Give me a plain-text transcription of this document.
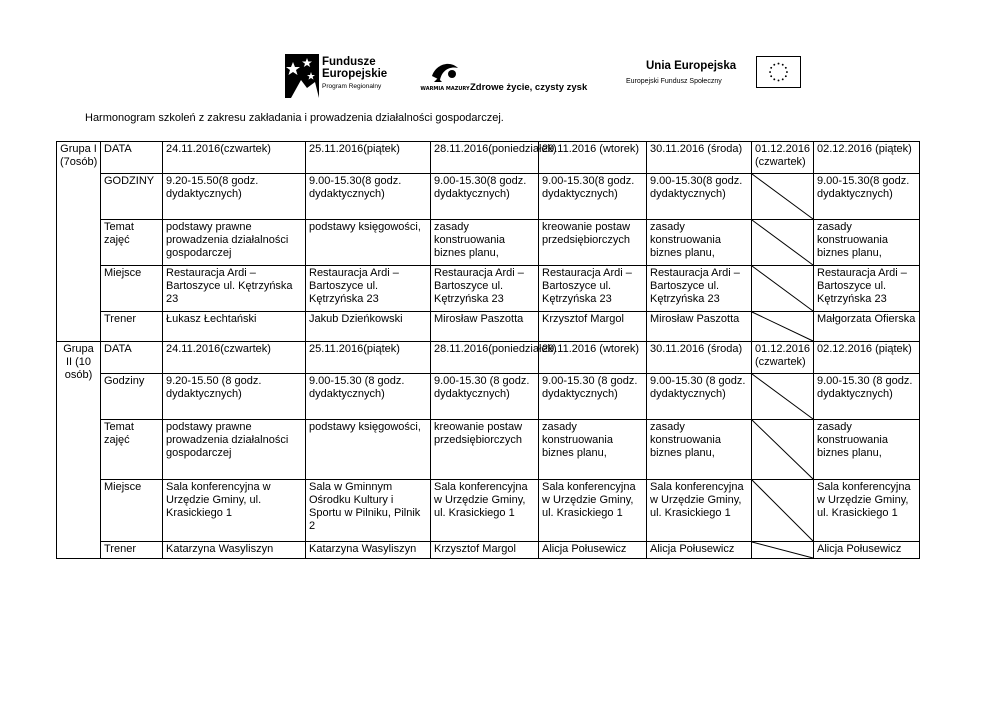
Fundusze
Europejskie
Program Regionalny	WARMIA MAZURY Zdrowe życie, czysty zysk
Unia Europejska
Europejski Fundusz Społeczny
Harmonogram szkoleń z zakresu zakładania i prowadzenia działalności gospodarczej.
Grupa I (7osób)	DATA	24.11.2016(czwartek)	25.11.2016(piątek)	28.11.2016(poniedziałek)	29.11.2016 (wtorek)	30.11.2016 (środa)	01.12.2016 (czwartek)	02.12.2016 (piątek)
	GODZINY	9.20-15.50(8 godz. dydaktycznych)	9.00-15.30(8 godz. dydaktycznych)	9.00-15.30(8 godz. dydaktycznych)	9.00-15.30(8 godz. dydaktycznych)	9.00-15.30(8 godz. dydaktycznych)		9.00-15.30(8 godz. dydaktycznych)
	Temat zajęć	podstawy prawne prowadzenia działalności gospodarczej	podstawy księgowości,	zasady konstruowania biznes planu,	kreowanie postaw przedsiębiorczych	zasady konstruowania biznes planu,		zasady konstruowania biznes planu,
	Miejsce	Restauracja Ardi – Bartoszyce ul. Kętrzyńska 23	Restauracja Ardi – Bartoszyce ul. Kętrzyńska 23	Restauracja Ardi – Bartoszyce ul. Kętrzyńska 23	Restauracja Ardi – Bartoszyce ul. Kętrzyńska 23	Restauracja Ardi – Bartoszyce ul. Kętrzyńska 23		Restauracja Ardi – Bartoszyce ul. Kętrzyńska 23
	Trener	Łukasz Łechtański	Jakub Dzieńkowski	Mirosław Paszotta	Krzysztof Margol	Mirosław Paszotta		Małgorzata Ofierska
Grupa II (10 osób)	DATA	24.11.2016(czwartek)	25.11.2016(piątek)	28.11.2016(poniedziałek)	29.11.2016 (wtorek)	30.11.2016 (środa)	01.12.2016 (czwartek)	02.12.2016 (piątek)
	Godziny	9.20-15.50 (8 godz. dydaktycznych)	9.00-15.30 (8 godz. dydaktycznych)	9.00-15.30 (8 godz. dydaktycznych)	9.00-15.30 (8 godz. dydaktycznych)	9.00-15.30 (8 godz. dydaktycznych)		9.00-15.30 (8 godz. dydaktycznych)
	Temat zajęć	podstawy prawne prowadzenia działalności gospodarczej	podstawy księgowości,	kreowanie postaw przedsiębiorczych	zasady konstruowania biznes planu,	zasady konstruowania biznes planu,		zasady konstruowania biznes planu,
	Miejsce	Sala konferencyjna w Urzędzie Gminy, ul. Krasickiego 1	Sala w Gminnym Ośrodku Kultury i Sportu w Pilniku, Pilnik 2	Sala konferencyjna w Urzędzie Gminy, ul. Krasickiego 1	Sala konferencyjna w Urzędzie Gminy, ul. Krasickiego 1	Sala konferencyjna w Urzędzie Gminy, ul. Krasickiego 1		Sala konferencyjna w Urzędzie Gminy, ul. Krasickiego 1
	Trener	Katarzyna Wasyliszyn	Katarzyna Wasyliszyn	Krzysztof Margol	Alicja Połusewicz	Alicja Połusewicz		Alicja Połusewicz
